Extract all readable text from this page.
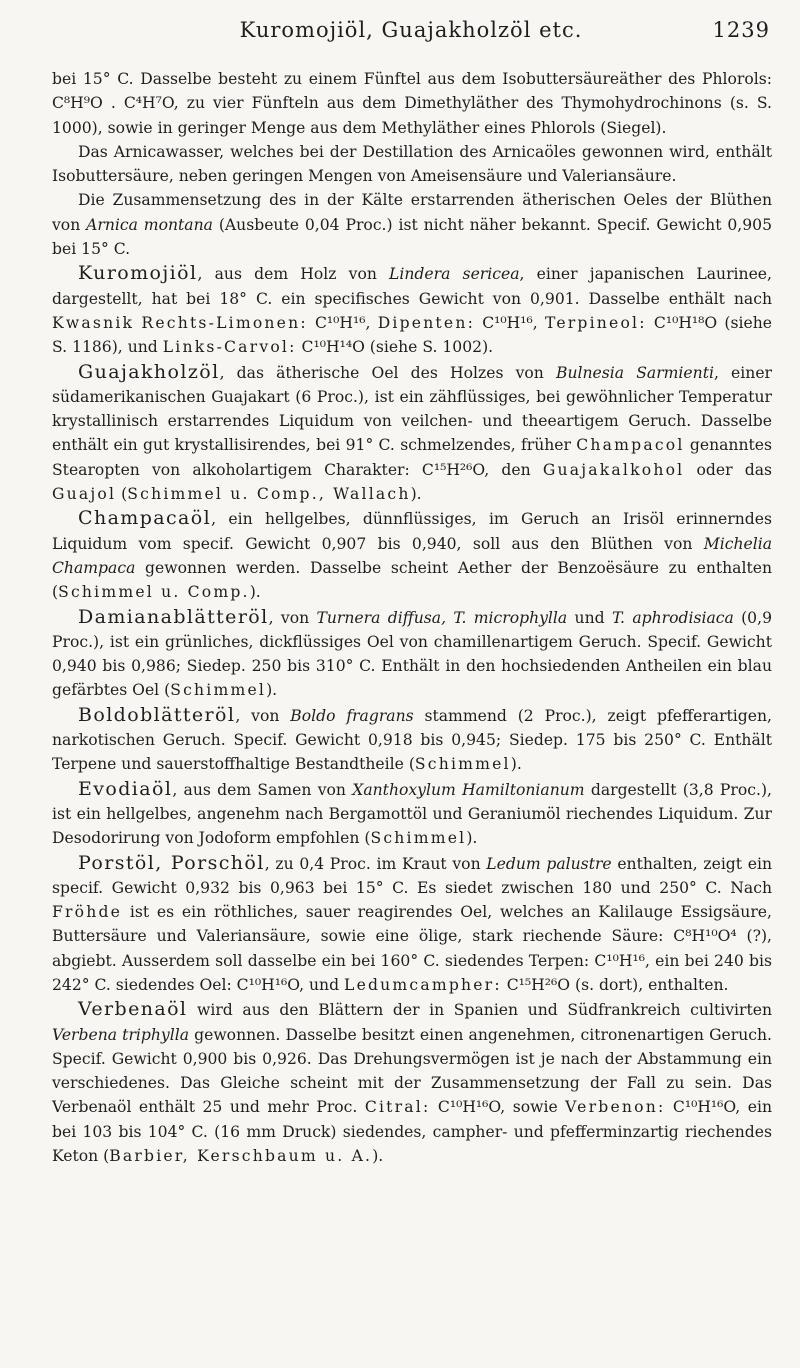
Kuromojiöl, Guajakholzöl etc.	1239

bei 15° C. Dasselbe besteht zu einem Fünftel aus dem Isobuttersäureäther des Phlorols: C⁸H⁹O . C⁴H⁷O, zu vier Fünfteln aus dem Dimethyläther des Thymohydrochinons (s. S. 1000), sowie in geringer Menge aus dem Methyläther eines Phlorols (Siegel).

Das Arnicawasser, welches bei der Destillation des Arnicaöles gewonnen wird, enthält Isobuttersäure, neben geringen Mengen von Ameisensäure und Valeriansäure.

Die Zusammensetzung des in der Kälte erstarrenden ätherischen Oeles der Blüthen von Arnica montana (Ausbeute 0,04 Proc.) ist nicht näher bekannt. Specif. Gewicht 0,905 bei 15° C.

Kuromojiöl, aus dem Holz von Lindera sericea, einer japanischen Laurinee, dargestellt, hat bei 18° C. ein specifisches Gewicht von 0,901. Dasselbe enthält nach Kwasnik Rechts-Limonen: C¹⁰H¹⁶, Dipenten: C¹⁰H¹⁶, Terpineol: C¹⁰H¹⁸O (siehe S. 1186), und Links-Carvol: C¹⁰H¹⁴O (siehe S. 1002).

Guajakholzöl, das ätherische Oel des Holzes von Bulnesia Sarmienti, einer südamerikanischen Guajakart (6 Proc.), ist ein zähflüssiges, bei gewöhnlicher Temperatur krystallinisch erstarrendes Liquidum von veilchen- und theeartigem Geruch. Dasselbe enthält ein gut krystallisirendes, bei 91° C. schmelzendes, früher Champacol genanntes Stearopten von alkoholartigem Charakter: C¹⁵H²⁶O, den Guajakalkohol oder das Guajol (Schimmel u. Comp., Wallach).

Champacaöl, ein hellgelbes, dünnflüssiges, im Geruch an Irisöl erinnerndes Liquidum vom specif. Gewicht 0,907 bis 0,940, soll aus den Blüthen von Michelia Champaca gewonnen werden. Dasselbe scheint Aether der Benzoësäure zu enthalten (Schimmel u. Comp.).

Damianablätteröl, von Turnera diffusa, T. microphylla und T. aphrodisiaca (0,9 Proc.), ist ein grünliches, dickflüssiges Oel von chamillenartigem Geruch. Specif. Gewicht 0,940 bis 0,986; Siedep. 250 bis 310° C. Enthält in den hochsiedenden Antheilen ein blau gefärbtes Oel (Schimmel).

Boldoblätteröl, von Boldo fragrans stammend (2 Proc.), zeigt pfefferartigen, narkotischen Geruch. Specif. Gewicht 0,918 bis 0,945; Siedep. 175 bis 250° C. Enthält Terpene und sauerstoffhaltige Bestandtheile (Schimmel).

Evodiaöl, aus dem Samen von Xanthoxylum Hamiltonianum dargestellt (3,8 Proc.), ist ein hellgelbes, angenehm nach Bergamottöl und Geraniumöl riechendes Liquidum. Zur Desodorirung von Jodoform empfohlen (Schimmel).

Porstöl, Porschöl, zu 0,4 Proc. im Kraut von Ledum palustre enthalten, zeigt ein specif. Gewicht 0,932 bis 0,963 bei 15° C. Es siedet zwischen 180 und 250° C. Nach Fröhde ist es ein röthliches, sauer reagirendes Oel, welches an Kalilauge Essigsäure, Buttersäure und Valeriansäure, sowie eine ölige, stark riechende Säure: C⁸H¹⁰O⁴ (?), abgiebt. Ausserdem soll dasselbe ein bei 160° C. siedendes Terpen: C¹⁰H¹⁶, ein bei 240 bis 242° C. siedendes Oel: C¹⁰H¹⁶O, und Ledumcampher: C¹⁵H²⁶O (s. dort), enthalten.

Verbenaöl wird aus den Blättern der in Spanien und Südfrankreich cultivirten Verbena triphylla gewonnen. Dasselbe besitzt einen angenehmen, citronenartigen Geruch. Specif. Gewicht 0,900 bis 0,926. Das Drehungsvermögen ist je nach der Abstammung ein verschiedenes. Das Gleiche scheint mit der Zusammensetzung der Fall zu sein. Das Verbenaöl enthält 25 und mehr Proc. Citral: C¹⁰H¹⁶O, sowie Verbenon: C¹⁰H¹⁶O, ein bei 103 bis 104° C. (16 mm Druck) siedendes, campher- und pfefferminzartig riechendes Keton (Barbier, Kerschbaum u. A.).
